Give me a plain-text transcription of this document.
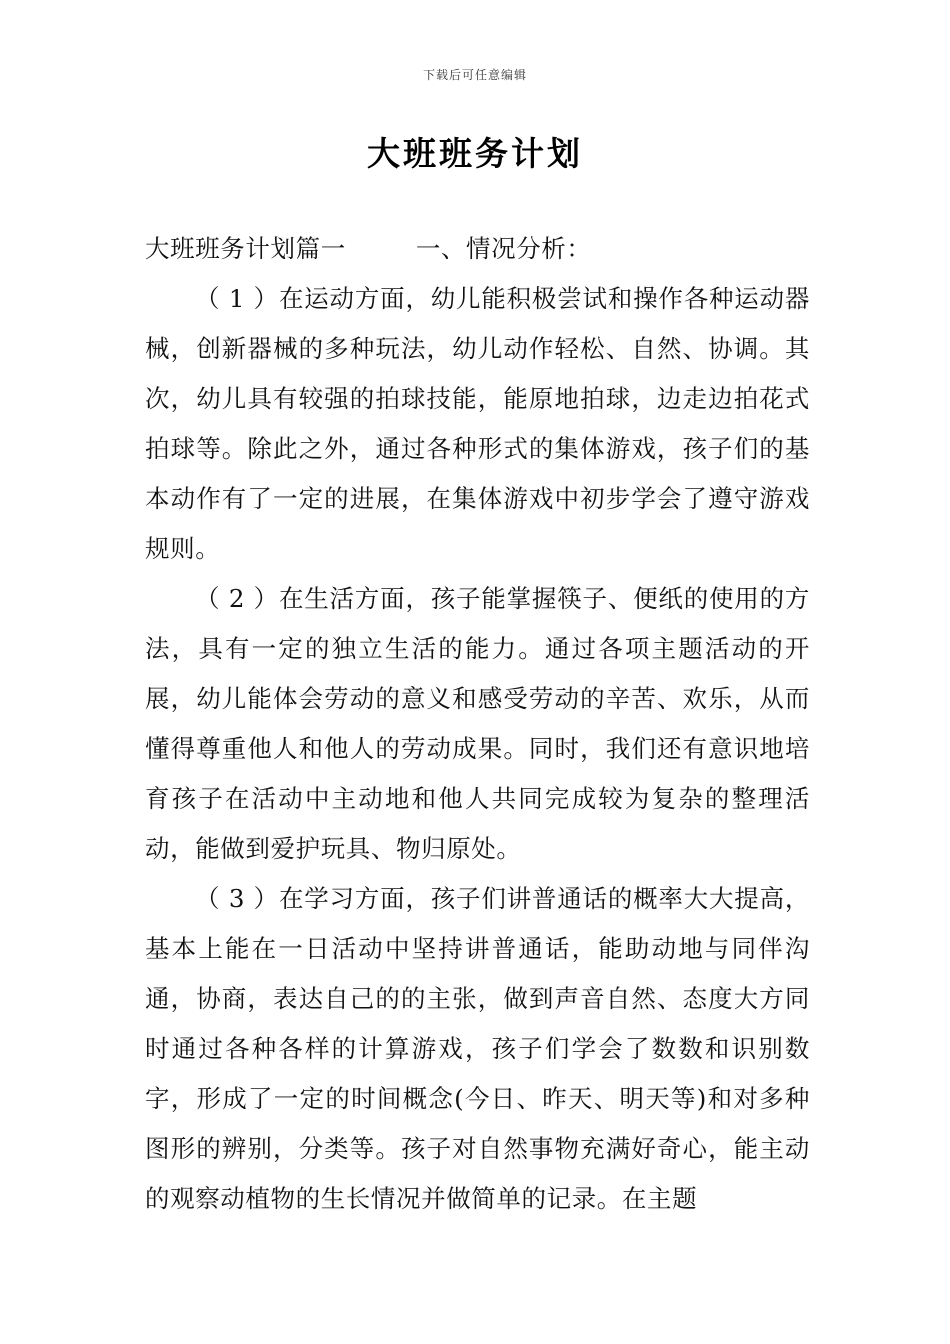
下载后可任意编辑
大班班务计划

大班班务计划篇一	一、情况分析：

（ 1 ）在运动方面，幼儿能积极尝试和操作各种运动器械，创新器械的多种玩法，幼儿动作轻松、自然、协调。其次，幼儿具有较强的拍球技能，能原地拍球，边走边拍花式拍球等。除此之外，通过各种形式的集体游戏，孩子们的基本动作有了一定的进展，在集体游戏中初步学会了遵守游戏规则。

（ 2 ）在生活方面，孩子能掌握筷子、便纸的使用的方法，具有一定的独立生活的能力。通过各项主题活动的开展，幼儿能体会劳动的意义和感受劳动的辛苦、欢乐，从而懂得尊重他人和他人的劳动成果。同时，我们还有意识地培育孩子在活动中主动地和他人共同完成较为复杂的整理活动，能做到爱护玩具、物归原处。

（ 3 ）在学习方面，孩子们讲普通话的概率大大提高，基本上能在一日活动中坚持讲普通话，能助动地与同伴沟通，协商，表达自己的的主张，做到声音自然、态度大方同时通过各种各样的计算游戏，孩子们学会了数数和识别数字，形成了一定的时间概念(今日、昨天、明天等)和对多种图形的辨别，分类等。孩子对自然事物充满好奇心，能主动的观察动植物的生长情况并做简单的记录。在主题
